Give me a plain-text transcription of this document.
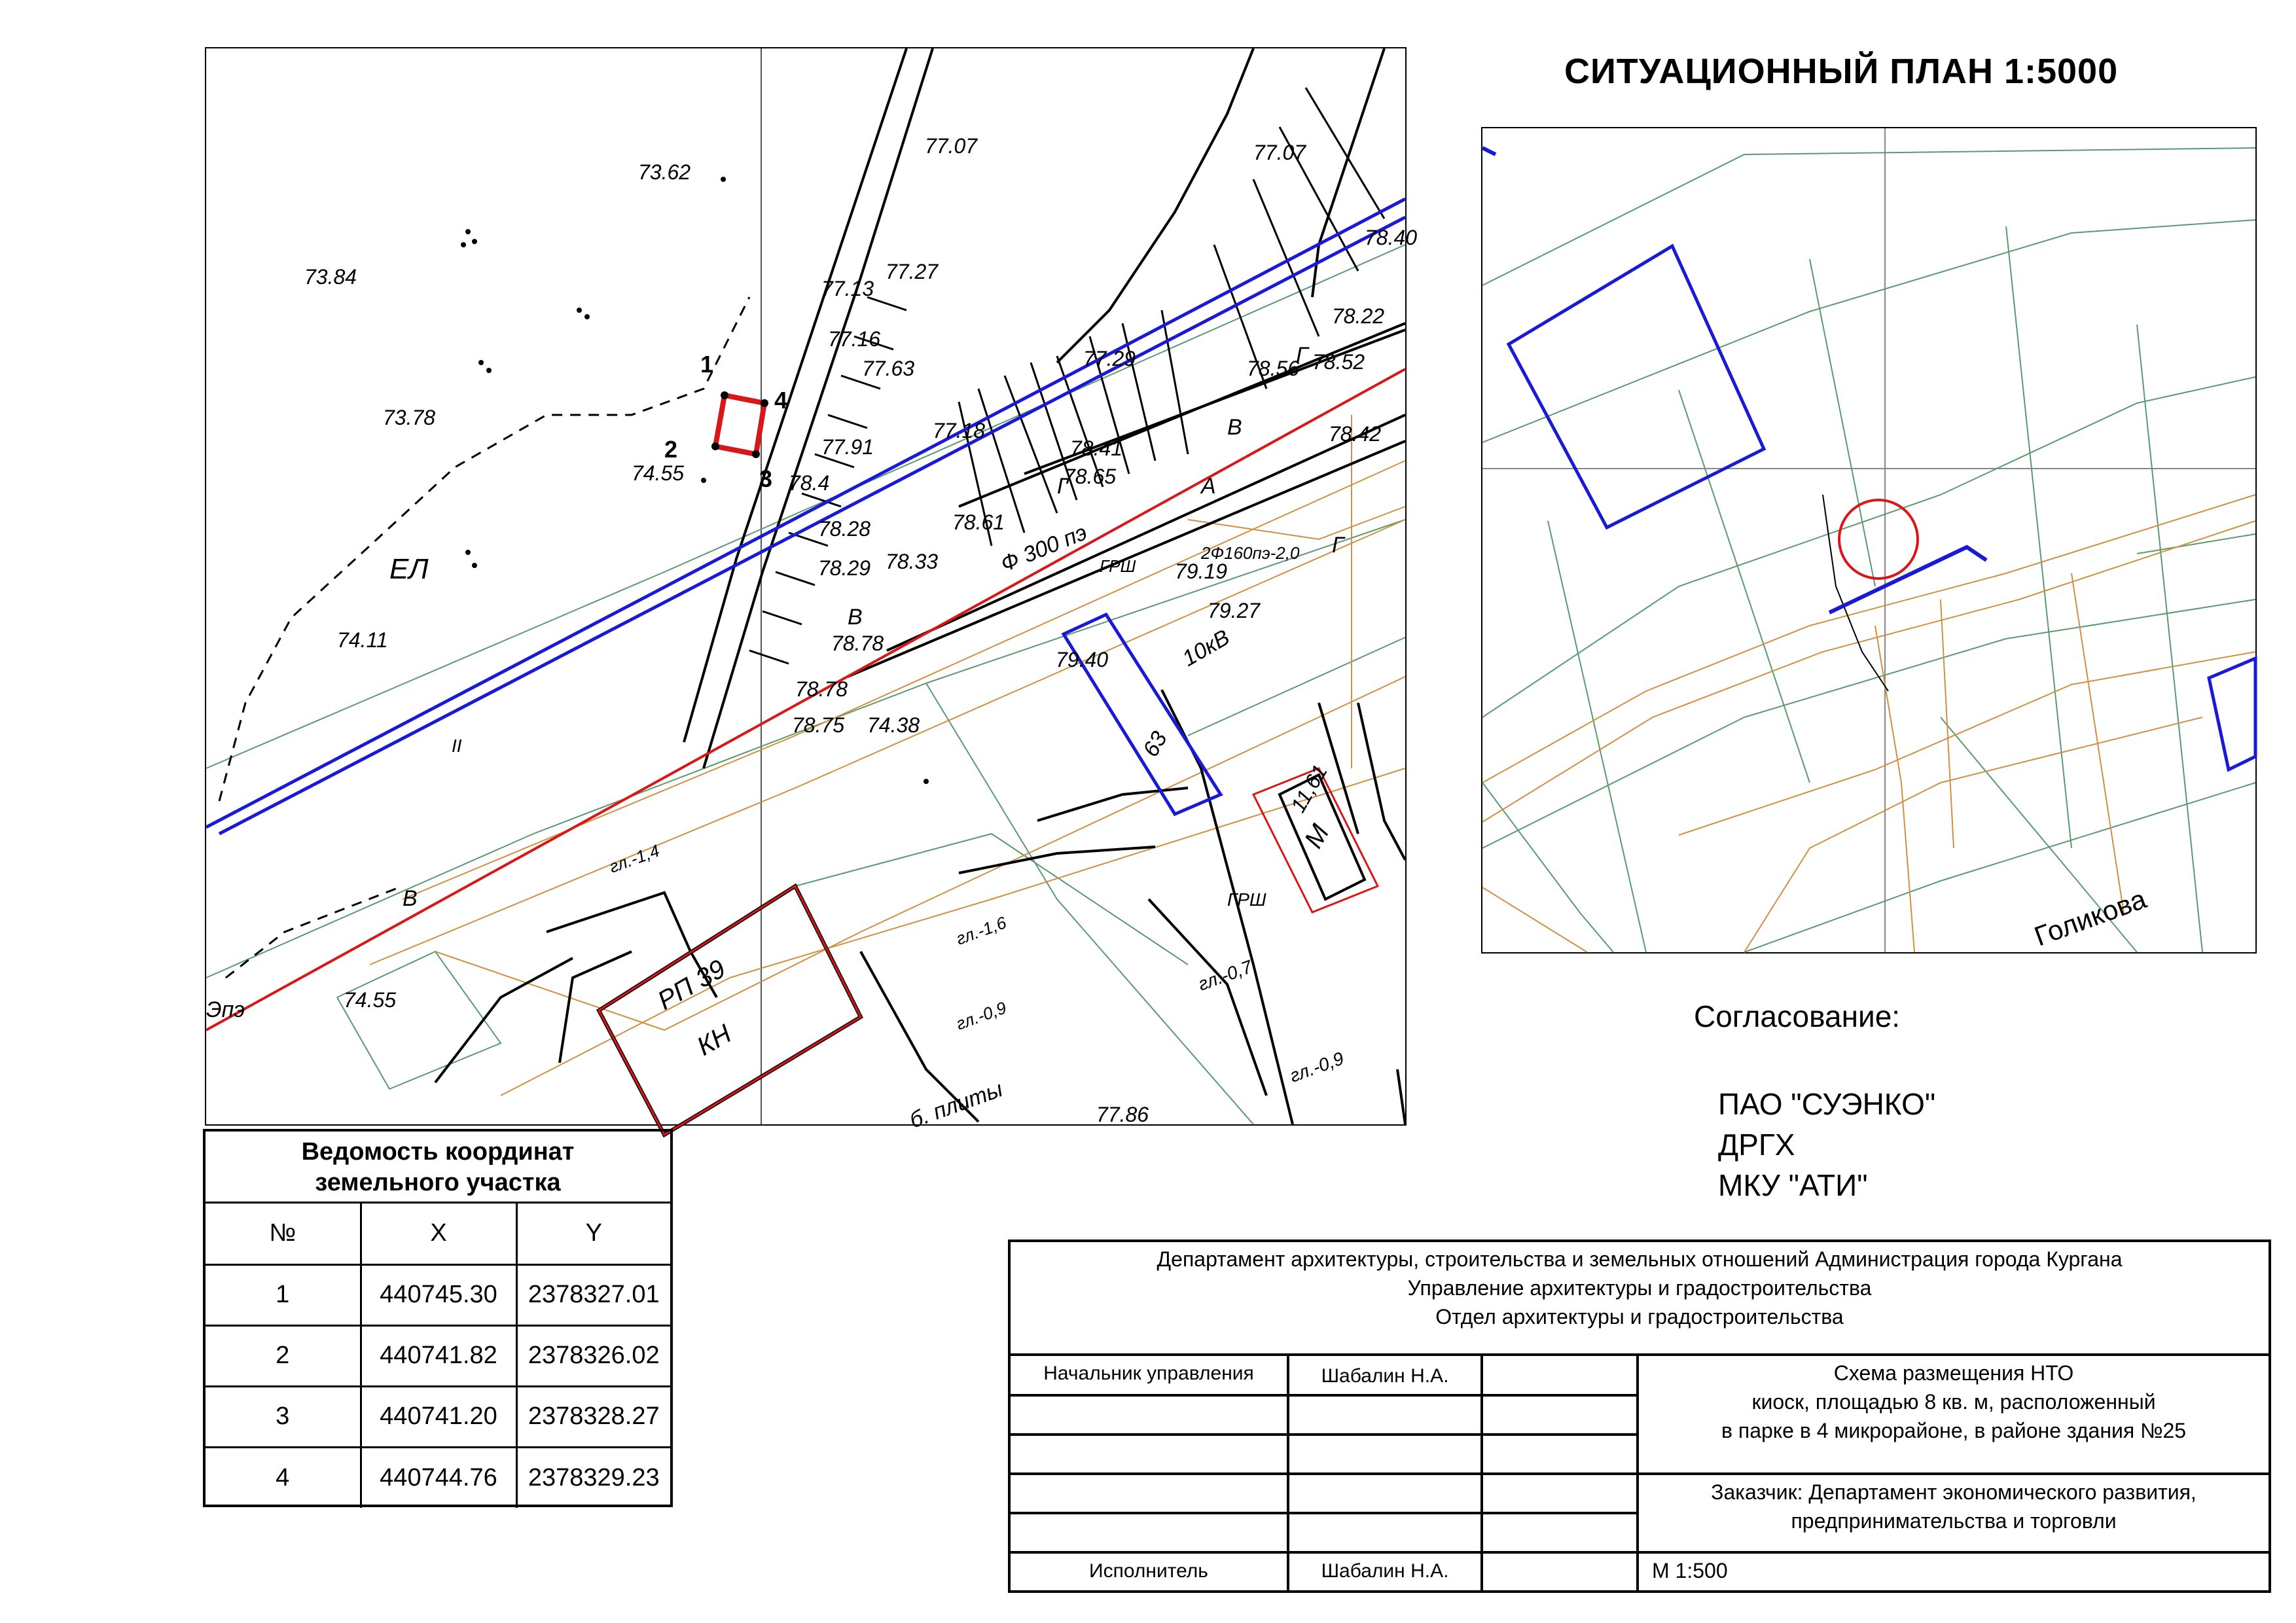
1
2
3
4
73.62
73.84
73.78
74.55
74.11
77.07
77.27
77.13
77.63
77.91
78.28
78.29 78.33
78.4
77.16
77.29
77.18
78.41
78.65
78.61
78.56 78.52
78.42
77.07
78.40
78.22
79.19
79.27
79.40
74.38
78.78
78.75
74.55
77.86
78.78
Ф 300 пэ	2Ф160пэ-2,0
10кВ
ГРШ
ГРШ
РП 39
КН
М
11,61
63
б. плиты
гл.-0,9
гл.-0,7
гл.-1,4
гл.-1,6
гл.-0,9
В
В
В
А
Г
Г
Г
Эпэ
ЕЛ
II
СИТУАЦИОННЫЙ ПЛАН 1:5000
Голикова
Согласование:
ПАО "СУЭНКО"
ДРГХ
МКУ "АТИ"
Ведомость координат
земельного участка
№	X	Y
1	440745.30	2378327.01
2	440741.82	2378326.02
3	440741.20	2378328.27
4	440744.76	2378329.23
Департамент архитектуры, строительства и земельных отношений Администрация города Кургана
Управление архитектуры и градостроительства
Отдел архитектуры и градостроительства
Начальник управления	Шабалин Н.А.
Исполнитель	Шабалин Н.А.
Схема размещения НТО
киоск, площадью 8 кв. м, расположенный
в парке в 4 микрорайоне, в районе здания №25
Заказчик: Департамент экономического развития,
предпринимательства и торговли
М 1:500
